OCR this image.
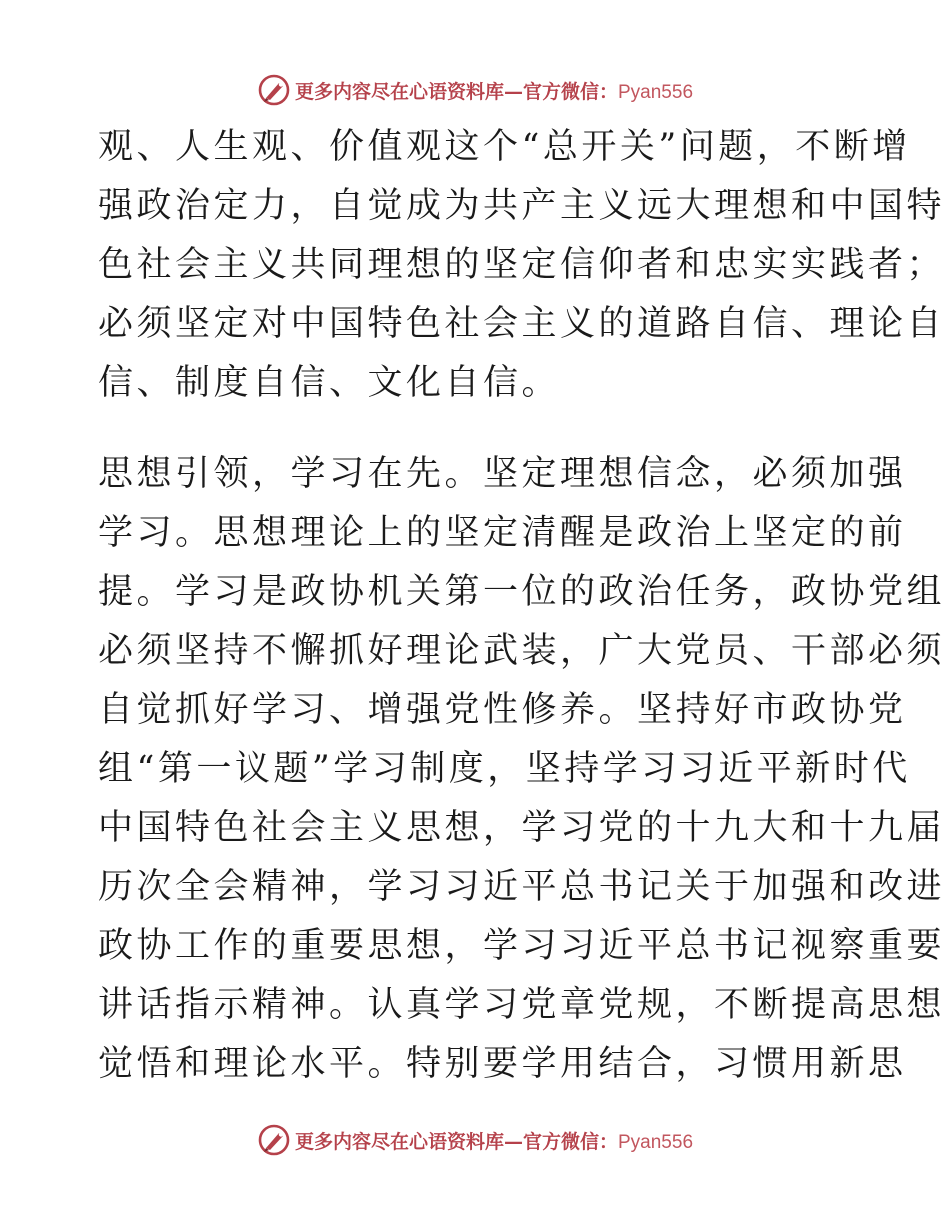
更多内容尽在心语资料库—官方微信：Pyan556
观、人生观、价值观这个“总开关”问题，不断增
强政治定力，自觉成为共产主义远大理想和中国特
色社会主义共同理想的坚定信仰者和忠实实践者；
必须坚定对中国特色社会主义的道路自信、理论自
信、制度自信、文化自信。
思想引领，学习在先。坚定理想信念，必须加强
学习。思想理论上的坚定清醒是政治上坚定的前
提。学习是政协机关第一位的政治任务，政协党组
必须坚持不懈抓好理论武装，广大党员、干部必须
自觉抓好学习、增强党性修养。坚持好市政协党
组“第一议题”学习制度，坚持学习习近平新时代
中国特色社会主义思想，学习党的十九大和十九届
历次全会精神，学习习近平总书记关于加强和改进
政协工作的重要思想，学习习近平总书记视察重要
讲话指示精神。认真学习党章党规，不断提高思想
觉悟和理论水平。特别要学用结合，习惯用新思
更多内容尽在心语资料库—官方微信：Pyan556
